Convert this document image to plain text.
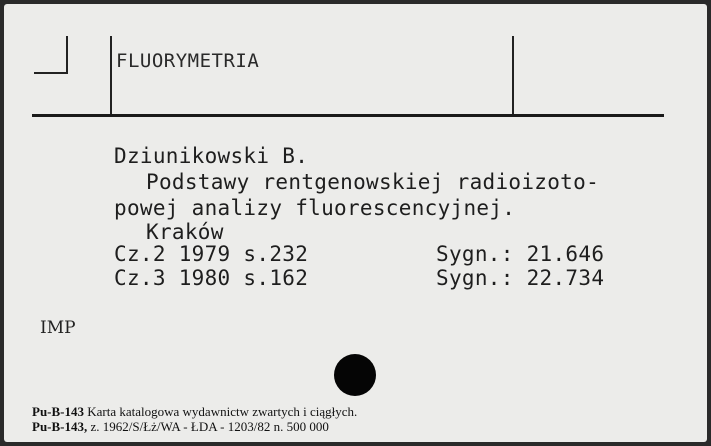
FLUORYMETRIA
Dziunikowski B.
Podstawy rentgenowskiej radioizoto-
powej analizy fluorescencyjnej.
Kraków
Cz.2 1979 s.232	Sygn.: 21.646
Cz.3 1980 s.162	Sygn.: 22.734
IMP
Pu-B-143 Karta katalogowa wydawnictw zwartych i ciągłych.
Pu-B-143, z. 1962/S/Łż/WA - ŁDA - 1203/82 n. 500 000
